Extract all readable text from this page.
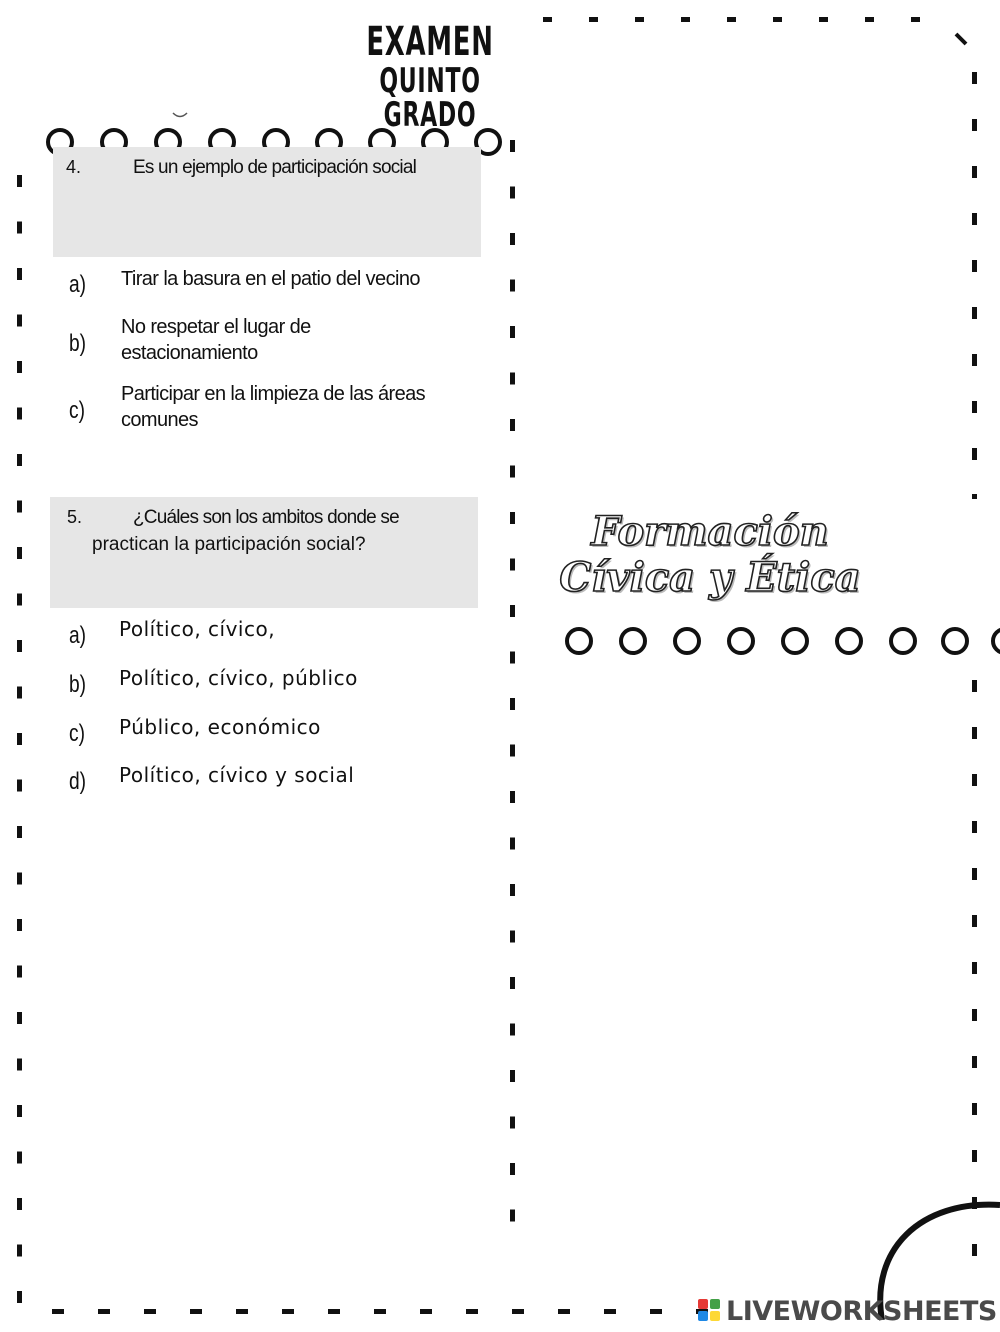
EXAMEN
QUINTO GRADO
4.	Es un ejemplo de participación social
a) Tirar la basura en el patio del vecino
b)
No respetar el lugar de estacionamiento
c)
Participar en la limpieza de las áreas comunes
5.	¿Cuáles son los ambitos donde se
practican la participación social?
a) Político, cívico,
b) Político, cívico, público
c) Público, económico
d) Político, cívico y social
Formación
Cívica y Ética
LIVEWORKSHEETS
